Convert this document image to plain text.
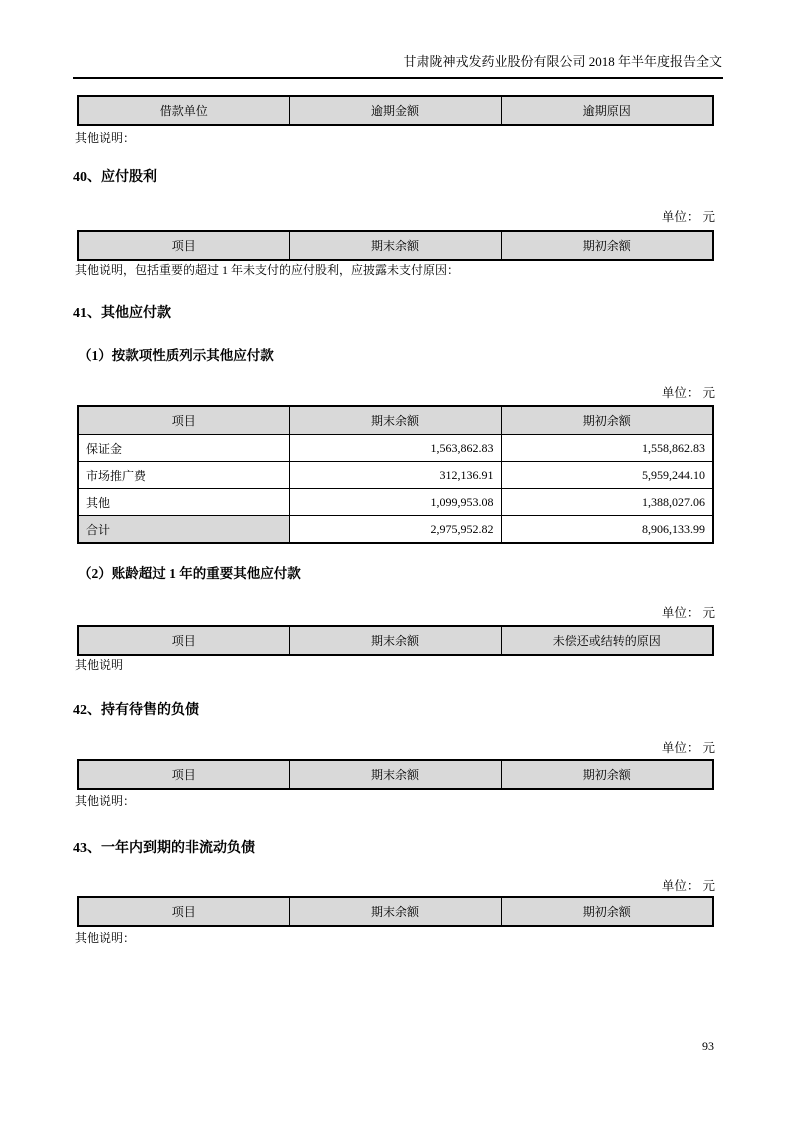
甘肃陇神戎发药业股份有限公司 2018 年半年度报告全文
借款单位	逾期金额	逾期原因
其他说明：
40、应付股利
单位： 元
项目	期末余额	期初余额
其他说明，包括重要的超过 1 年未支付的应付股利，应披露未支付原因：
41、其他应付款
（1）按款项性质列示其他应付款
单位： 元
项目	期末余额	期初余额
保证金	1,563,862.83	1,558,862.83
市场推广费	312,136.91	5,959,244.10
其他	1,099,953.08	1,388,027.06
合计	2,975,952.82	8,906,133.99
（2）账龄超过 1 年的重要其他应付款
单位： 元
项目	期末余额	未偿还或结转的原因
其他说明
42、持有待售的负债
单位： 元
项目	期末余额	期初余额
其他说明：
43、一年内到期的非流动负债
单位： 元
项目	期末余额	期初余额
其他说明：
93
